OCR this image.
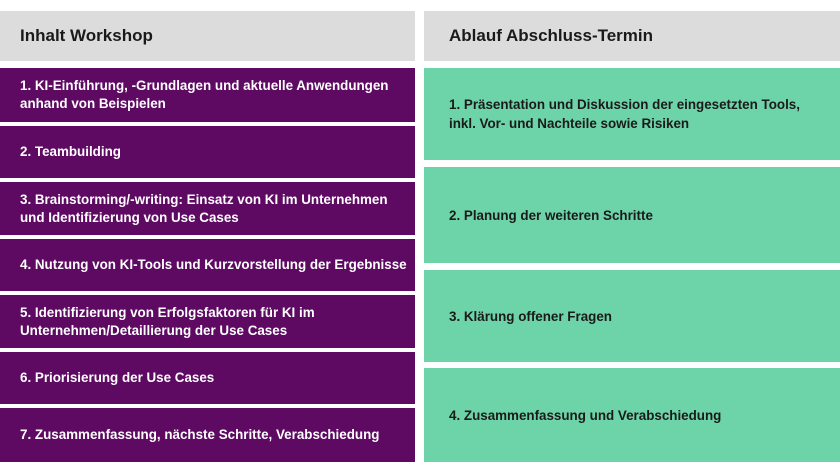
Inhalt Workshop
1. KI-Einführung, -Grundlagen und aktuelle Anwendungen anhand von Beispielen
2. Teambuilding
3. Brainstorming/-writing: Einsatz von KI im Unternehmen und Identifizierung von Use Cases
4. Nutzung von KI-Tools und Kurzvorstellung der Ergebnisse
5. Identifizierung von Erfolgsfaktoren für KI im Unternehmen/Detaillierung der Use Cases
6. Priorisierung der Use Cases
7. Zusammenfassung, nächste Schritte, Verabschiedung
Ablauf Abschluss-Termin
1. Präsentation und Diskussion der eingesetzten Tools, inkl. Vor- und Nachteile sowie Risiken
2. Planung der weiteren Schritte
3. Klärung offener Fragen
4. Zusammenfassung und Verabschiedung
